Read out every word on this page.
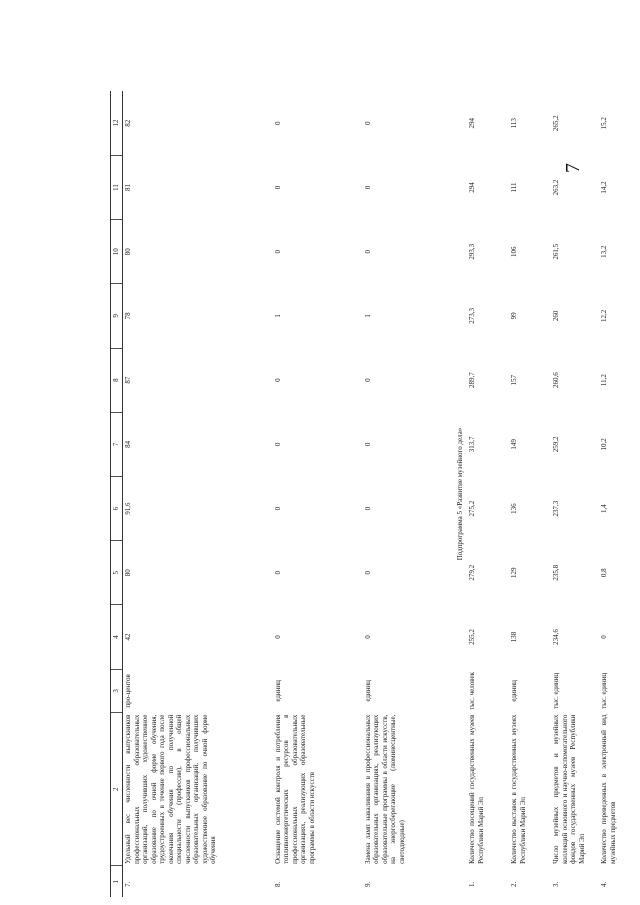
7
1	2	3	4	5	6	7	8	9	10	11	12
7.	Удельный вес численности выпускников профессиональных образовательных организаций, получивших художественное образование по очной форме обучения, трудоустроенных в течение первого года после окончания обучения по полученной специальности (профессии), в общей численности выпускников профессиональных образовательных организаций, получивших художественное образование по очной форме обучения	про-центов	42	80	91,6	84	87	78	80	81	82
8.	Оснащение системой контроля и потребления топливноэнергетических ресурсов в профессиональных образовательных организациях, реализующих образовательные программы в области искусств	единиц	0	0	0	0	0	1	0	0	0
9.	Замена ламп накаливания в профессиональных образовательных организациях, реализующих образовательные программы в области искусств, на энергосберегающие (люминесцентные, светодиодные)	единиц	0	0	0	0	0	1	0	0	0
Подпрограмма 5 «Развитие музейного дела»											
1.	Количество посещений государственных музеев Республики Марий Эл	тыс. человек	255,2	279,2	275,2	313,7	289,7	273,3	293,3	294	294
2.	Количество выставок в государственных музеях Республики Марий Эл	единиц	138	129	136	149	157	99	106	111	113
3.	Число музейных предметов и музейных коллекций основного и научно-вспомогательного фондов государственных музеев Республики Марий Эл	тыс. единиц	234,6	235,8	237,3	259,2	260,6	260	261,5	263,2	265,2
4.	Количество переведенных в электронный вид музейных предметов	тыс. единиц	0	0,8	1,4	10,2	11,2	12,2	13,2	14,2	15,2
